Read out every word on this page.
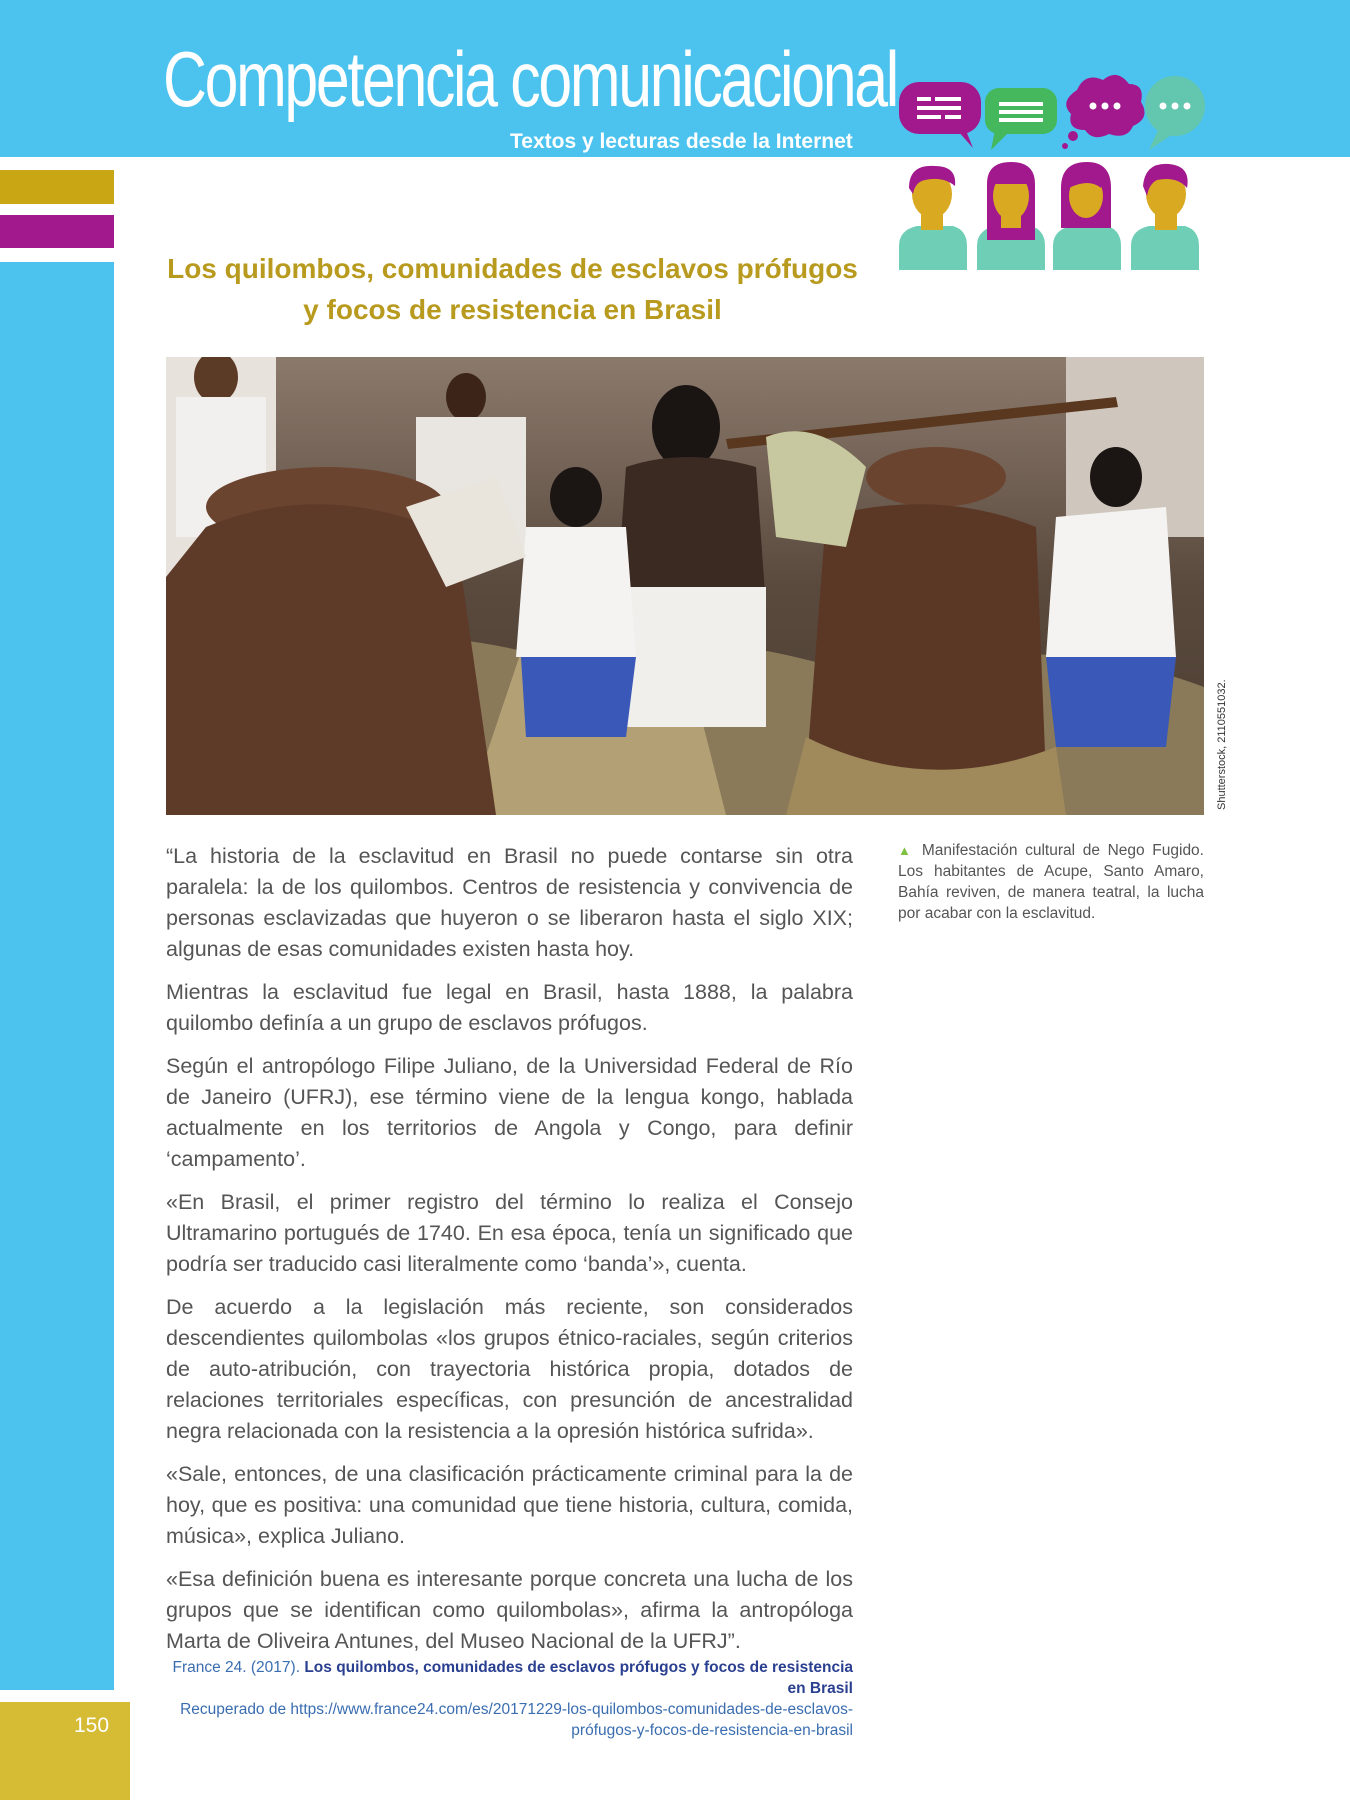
Competencia comunicacional
Textos y lecturas desde la Internet
150
Los quilombos, comunidades de esclavos prófugos y focos de resistencia en Brasil
Shutterstock, 2110551032.
▲ Manifestación cultural de Nego Fugido. Los habitantes de Acupe, Santo Amaro, Bahía reviven, de manera teatral, la lucha por acabar con la esclavitud.

“La historia de la esclavitud en Brasil no puede contarse sin otra paralela: la de los quilombos. Centros de resistencia y convivencia de personas esclavizadas que huyeron o se liberaron hasta el siglo XIX; algunas de esas comunidades existen hasta hoy.

Mientras la esclavitud fue legal en Brasil, hasta 1888, la palabra quilombo definía a un grupo de esclavos prófugos.

Según el antropólogo Filipe Juliano, de la Universidad Federal de Río de Janeiro (UFRJ), ese término viene de la lengua kongo, hablada actualmente en los territorios de Angola y Congo, para definir ‘campamento’.

«En Brasil, el primer registro del término lo realiza el Consejo Ultramarino portugués de 1740. En esa época, tenía un significado que podría ser traducido casi literalmente como ‘banda’», cuenta.

De acuerdo a la legislación más reciente, son considerados descendientes quilombolas «los grupos étnico-raciales, según criterios de auto-atribución, con trayectoria histórica propia, dotados de relaciones territoriales específicas, con presunción de ancestralidad negra relacionada con la resistencia a la opresión histórica sufrida».

«Sale, entonces, de una clasificación prácticamente criminal para la de hoy, que es positiva: una comunidad que tiene historia, cultura, comida, música», explica Juliano.

«Esa definición buena es interesante porque concreta una lucha de los grupos que se identifican como quilombolas», afirma la antropóloga Marta de Oliveira Antunes, del Museo Nacional de la UFRJ”.

France 24. (2017). Los quilombos, comunidades de esclavos prófugos y focos de resistencia en Brasil
Recuperado de https://www.france24.com/es/20171229-los-quilombos-comunidades-de-esclavos-prófugos-y-focos-de-resistencia-en-brasil
